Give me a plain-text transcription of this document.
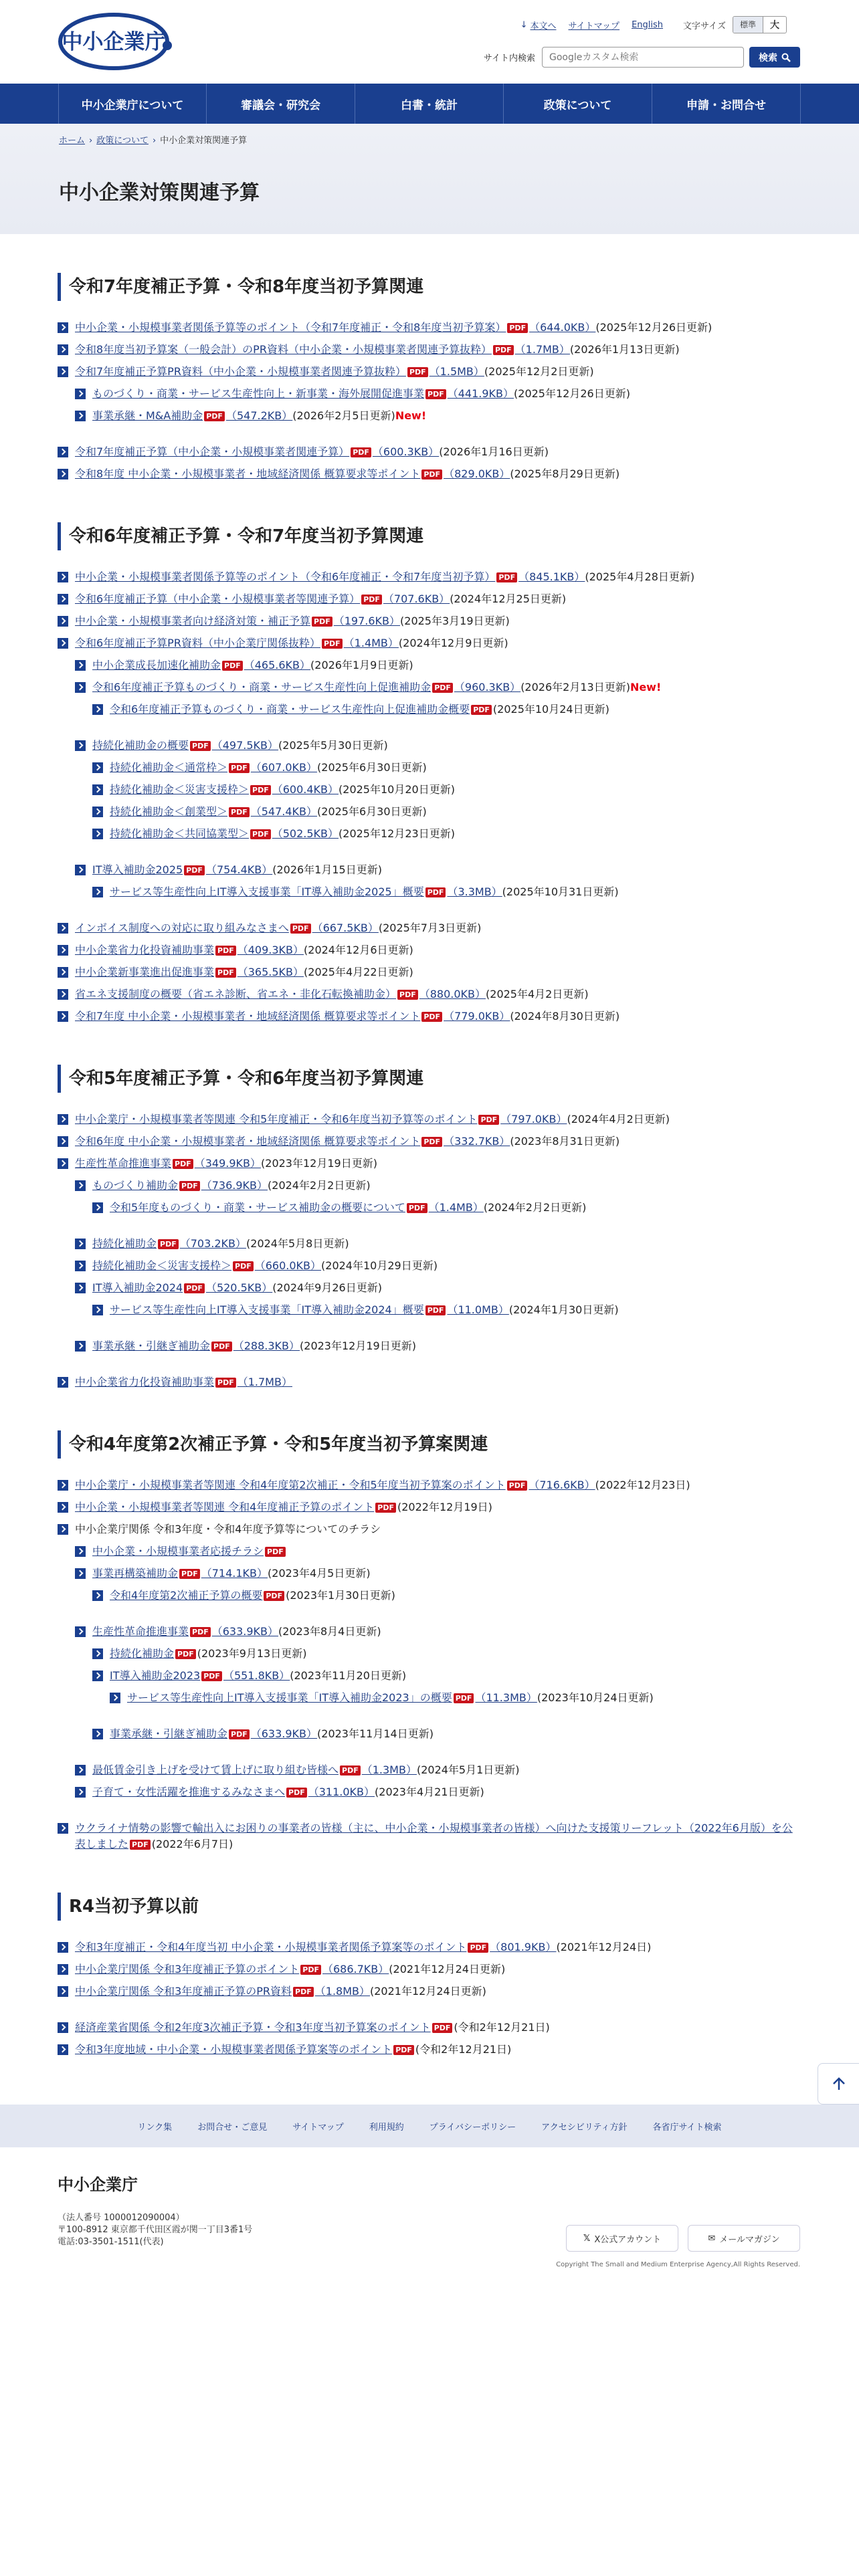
中小企業庁
↓ 本文へ サイトマップ English 文字サイズ	標準	大
サイト内検索
Googleカスタム検索	検索
中小企業庁について	審議会・研究会	白書・統計	政策について	申請・お問合せ
ホーム › 政策について › 中小企業対策関連予算
中小企業対策関連予算
令和7年度補正予算・令和8年度当初予算関連
中小企業・小規模事業者関係予算等のポイント（令和7年度補正・令和8年度当初予算案） PDF （644.0KB）(2025年12月26日更新)
令和8年度当初予算案（一般会計）のPR資料（中小企業・小規模事業者関連予算抜粋） PDF （1.7MB）(2026年1月13日更新)
令和7年度補正予算PR資料（中小企業・小規模事業者関連予算抜粋） PDF （1.5MB）(2025年12月2日更新)
ものづくり・商業・サービス生産性向上・新事業・海外展開促進事業 PDF （441.9KB）(2025年12月26日更新)
事業承継・M&A補助金 PDF （547.2KB）(2026年2月5日更新)New!
令和7年度補正予算（中小企業・小規模事業者関連予算） PDF （600.3KB）(2026年1月16日更新)
令和8年度 中小企業・小規模事業者・地域経済関係 概算要求等ポイント PDF （829.0KB）(2025年8月29日更新)
令和6年度補正予算・令和7年度当初予算関連
中小企業・小規模事業者関係予算等のポイント（令和6年度補正・令和7年度当初予算） PDF （845.1KB）(2025年4月28日更新)
令和6年度補正予算（中小企業・小規模事業者等関連予算） PDF （707.6KB）(2024年12月25日更新)
中小企業・小規模事業者向け経済対策・補正予算 PDF （197.6KB）(2025年3月19日更新)
令和6年度補正予算PR資料（中小企業庁関係抜粋） PDF （1.4MB）(2024年12月9日更新)
中小企業成長加速化補助金 PDF （465.6KB）(2026年1月9日更新)
令和6年度補正予算ものづくり・商業・サービス生産性向上促進補助金 PDF （960.3KB）(2026年2月13日更新)New!
令和6年度補正予算ものづくり・商業・サービス生産性向上促進補助金概要 PDF (2025年10月24日更新)
持続化補助金の概要 PDF （497.5KB）(2025年5月30日更新)
持続化補助金＜通常枠＞ PDF （607.0KB）(2025年6月30日更新)
持続化補助金＜災害支援枠＞ PDF （600.4KB）(2025年10月20日更新)
持続化補助金＜創業型＞ PDF （547.4KB）(2025年6月30日更新)
持続化補助金＜共同協業型＞ PDF （502.5KB）(2025年12月23日更新)
IT導入補助金2025 PDF （754.4KB）(2026年1月15日更新)
サービス等生産性向上IT導入支援事業「IT導入補助金2025」概要 PDF （3.3MB）(2025年10月31日更新)
インボイス制度への対応に取り組みなさまへ PDF （667.5KB）(2025年7月3日更新)
中小企業省力化投資補助事業 PDF （409.3KB）(2024年12月6日更新)
中小企業新事業進出促進事業 PDF （365.5KB）(2025年4月22日更新)
省エネ支援制度の概要（省エネ診断、省エネ・非化石転換補助金） PDF （880.0KB）(2025年4月2日更新)
令和7年度 中小企業・小規模事業者・地域経済関係 概算要求等ポイント PDF （779.0KB）(2024年8月30日更新)
令和5年度補正予算・令和6年度当初予算関連
中小企業庁・小規模事業者等関連 令和5年度補正・令和6年度当初予算等のポイント PDF （797.0KB）(2024年4月2日更新)
令和6年度 中小企業・小規模事業者・地域経済関係 概算要求等ポイント PDF （332.7KB）(2023年8月31日更新)
生産性革命推進事業 PDF （349.9KB）(2023年12月19日更新)
ものづくり補助金 PDF （736.9KB）(2024年2月2日更新)
令和5年度ものづくり・商業・サービス補助金の概要について PDF （1.4MB）(2024年2月2日更新)
持続化補助金 PDF （703.2KB）(2024年5月8日更新)
持続化補助金＜災害支援枠＞ PDF （660.0KB）(2024年10月29日更新)
IT導入補助金2024 PDF （520.5KB）(2024年9月26日更新)
サービス等生産性向上IT導入支援事業「IT導入補助金2024」概要 PDF （11.0MB）(2024年1月30日更新)
事業承継・引継ぎ補助金 PDF （288.3KB）(2023年12月19日更新)
中小企業省力化投資補助事業 PDF （1.7MB）
令和4年度第2次補正予算・令和5年度当初予算案関連
中小企業庁・小規模事業者等関連 令和4年度第2次補正・令和5年度当初予算案のポイント PDF （716.6KB）(2022年12月23日)
中小企業・小規模事業者等関連 令和4年度補正予算のポイント PDF (2022年12月19日)
中小企業庁関係 令和3年度・令和4年度予算等についてのチラシ
中小企業・小規模事業者応援チラシ PDF
事業再構築補助金 PDF （714.1KB）(2023年4月5日更新)
令和4年度第2次補正予算の概要 PDF (2023年1月30日更新)
生産性革命推進事業 PDF （633.9KB）(2023年8月4日更新)
持続化補助金 PDF (2023年9月13日更新)
IT導入補助金2023 PDF （551.8KB）(2023年11月20日更新)
サービス等生産性向上IT導入支援事業「IT導入補助金2023」の概要 PDF （11.3MB）(2023年10月24日更新)
事業承継・引継ぎ補助金 PDF （633.9KB）(2023年11月14日更新)
最低賃金引き上げを受けて賃上げに取り組む皆様へ PDF （1.3MB）(2024年5月1日更新)
子育て・女性活躍を推進するみなさまへ PDF （311.0KB）(2023年4月21日更新)
ウクライナ情勢の影響で輸出入にお困りの事業者の皆様（主に、中小企業・小規模事業者の皆様）へ向けた支援策リーフレット（2022年6月版）を公表しました PDF (2022年6月7日)
R4当初予算以前
令和3年度補正・令和4年度当初 中小企業・小規模事業者関係予算案等のポイント PDF （801.9KB）(2021年12月24日)
中小企業庁関係 令和3年度補正予算のポイント PDF （686.7KB）(2021年12月24日更新)
中小企業庁関係 令和3年度補正予算のPR資料 PDF （1.8MB）(2021年12月24日更新)
経済産業省関係 令和2年度3次補正予算・令和3年度当初予算案のポイント PDF (令和2年12月21日)
令和3年度地域・中小企業・小規模事業者関係予算案等のポイント PDF (令和2年12月21日)
リンク集	お問合せ・ご意見	サイトマップ	利用規約	プライバシーポリシー	アクセシビリティ方針	各省庁サイト検索
中小企業庁
（法人番号 1000012090004）
〒100-8912 東京都千代田区霞が関一丁目3番1号
電話:03-3501-1511(代表)	𝕏 X公式アカウント	✉ メールマガジン
Copyright The Small and Medium Enterprise Agency,All Rights Reserved.
